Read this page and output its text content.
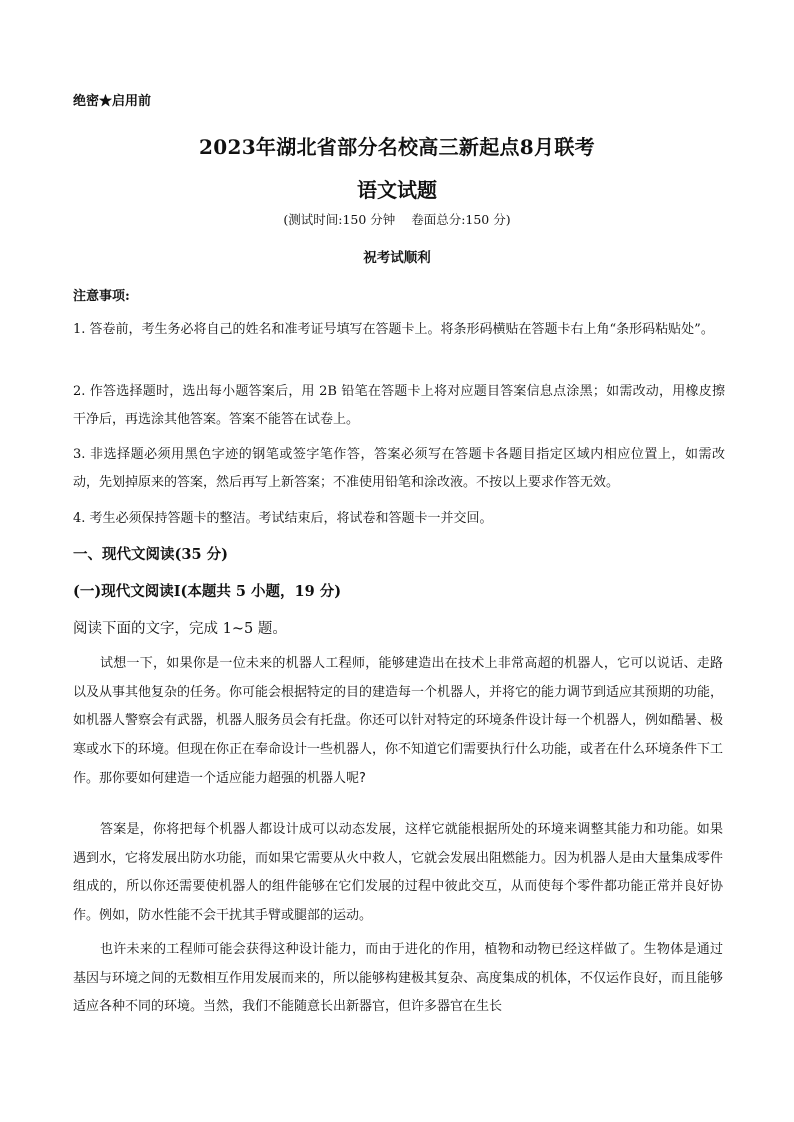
绝密★启用前
2023年湖北省部分名校高三新起点8月联考
语文试题
(测试时间:150 分钟    卷面总分:150 分)
祝考试顺利
注意事项:
1. 答卷前，考生务必将自己的姓名和准考证号填写在答题卡上。将条形码横贴在答题卡右上角“条形码粘贴处”。
2. 作答选择题时，选出每小题答案后，用 2B 铅笔在答题卡上将对应题目答案信息点涂黑；如需改动，用橡皮擦干净后，再选涂其他答案。答案不能答在试卷上。
3. 非选择题必须用黑色字迹的钢笔或签字笔作答，答案必须写在答题卡各题目指定区域内相应位置上，如需改动，先划掉原来的答案，然后再写上新答案；不准使用铅笔和涂改液。不按以上要求作答无效。
4. 考生必须保持答题卡的整洁。考试结束后，将试卷和答题卡一并交回。
一、现代文阅读(35 分)
(一)现代文阅读Ⅰ(本题共 5 小题，19 分)
阅读下面的文字，完成 1~5 题。
试想一下，如果你是一位未来的机器人工程师，能够建造出在技术上非常高超的机器人，它可以说话、走路以及从事其他复杂的任务。你可能会根据特定的目的建造每一个机器人，并将它的能力调节到适应其预期的功能，如机器人警察会有武器，机器人服务员会有托盘。你还可以针对特定的环境条件设计每一个机器人，例如酷暑、极寒或水下的环境。但现在你正在奉命设计一些机器人，你不知道它们需要执行什么功能，或者在什么环境条件下工作。那你要如何建造一个适应能力超强的机器人呢?
答案是，你将把每个机器人都设计成可以动态发展，这样它就能根据所处的环境来调整其能力和功能。如果遇到水，它将发展出防水功能，而如果它需要从火中救人，它就会发展出阻燃能力。因为机器人是由大量集成零件组成的，所以你还需要使机器人的组件能够在它们发展的过程中彼此交互，从而使每个零件都功能正常并良好协作。例如，防水性能不会干扰其手臂或腿部的运动。
也许未来的工程师可能会获得这种设计能力，而由于进化的作用，植物和动物已经这样做了。生物体是通过基因与环境之间的无数相互作用发展而来的，所以能够构建极其复杂、高度集成的机体，不仅运作良好，而且能够适应各种不同的环境。当然，我们不能随意长出新器官，但许多器官在生长
